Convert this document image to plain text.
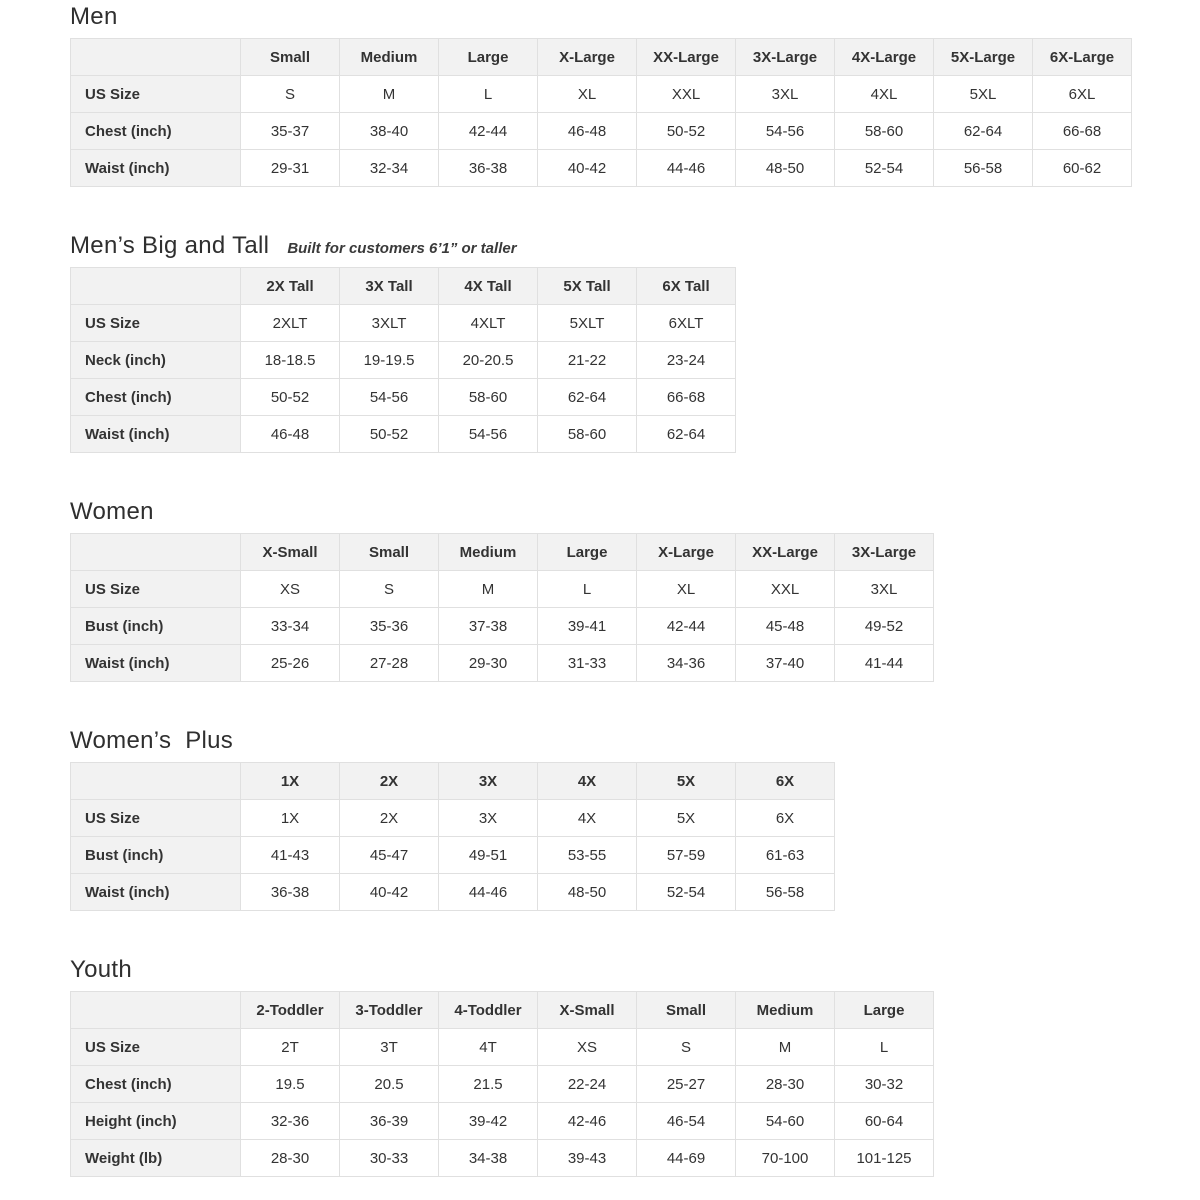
Men
	Small	Medium	Large	X-Large	XX-Large	3X-Large	4X-Large	5X-Large	6X-Large
US Size	S	M	L	XL	XXL	3XL	4XL	5XL	6XL
Chest (inch)	35-37	38-40	42-44	46-48	50-52	54-56	58-60	62-64	66-68
Waist (inch)	29-31	32-34	36-38	40-42	44-46	48-50	52-54	56-58	60-62
Men’s Big and Tall Built for customers 6’1” or taller
	2X Tall	3X Tall	4X Tall	5X Tall	6X Tall
US Size	2XLT	3XLT	4XLT	5XLT	6XLT
Neck (inch)	18-18.5	19-19.5	20-20.5	21-22	23-24
Chest (inch)	50-52	54-56	58-60	62-64	66-68
Waist (inch)	46-48	50-52	54-56	58-60	62-64
Women
	X-Small	Small	Medium	Large	X-Large	XX-Large	3X-Large
US Size	XS	S	M	L	XL	XXL	3XL
Bust (inch)	33-34	35-36	37-38	39-41	42-44	45-48	49-52
Waist (inch)	25-26	27-28	29-30	31-33	34-36	37-40	41-44
Women’s  Plus
	1X	2X	3X	4X	5X	6X
US Size	1X	2X	3X	4X	5X	6X
Bust (inch)	41-43	45-47	49-51	53-55	57-59	61-63
Waist (inch)	36-38	40-42	44-46	48-50	52-54	56-58
Youth
	2-Toddler	3-Toddler	4-Toddler	X-Small	Small	Medium	Large
US Size	2T	3T	4T	XS	S	M	L
Chest (inch)	19.5	20.5	21.5	22-24	25-27	28-30	30-32
Height (inch)	32-36	36-39	39-42	42-46	46-54	54-60	60-64
Weight (lb)	28-30	30-33	34-38	39-43	44-69	70-100	101-125
